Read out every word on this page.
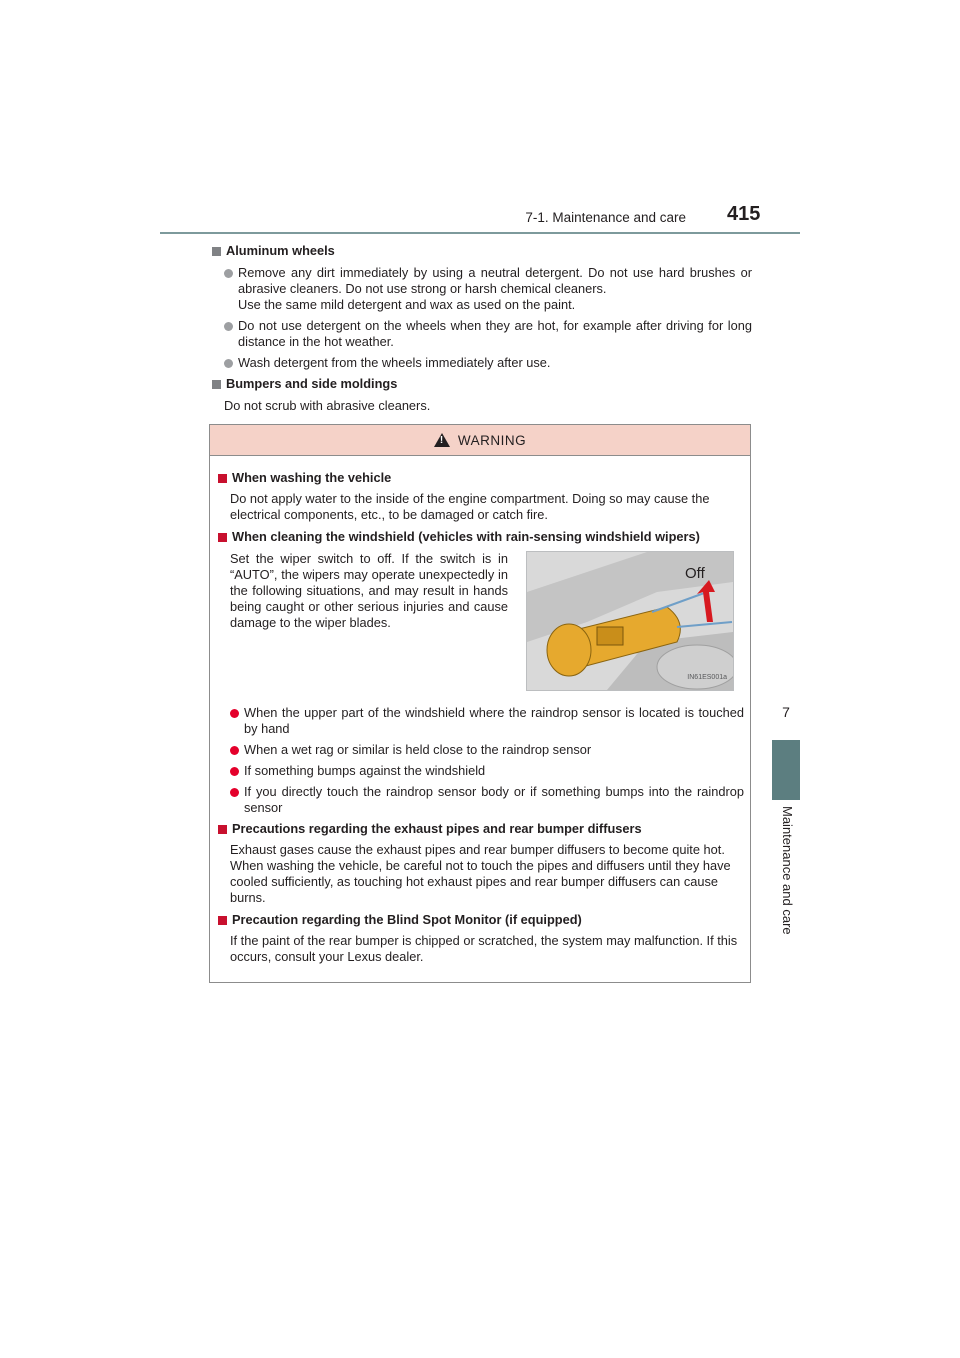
7-1. Maintenance and care 415
7
Maintenance and care
Aluminum wheels
Remove any dirt immediately by using a neutral detergent. Do not use hard brushes or abrasive cleaners. Do not use strong or harsh chemical cleaners.
Use the same mild detergent and wax as used on the paint.
Do not use detergent on the wheels when they are hot, for example after driving for long distance in the hot weather.
Wash detergent from the wheels immediately after use.
Bumpers and side moldings
Do not scrub with abrasive cleaners.
! WARNING
When washing the vehicle
Do not apply water to the inside of the engine compartment. Doing so may cause the electrical components, etc., to be damaged or catch fire.
When cleaning the windshield (vehicles with rain-sensing windshield wipers)
Set the wiper switch to off. If the switch is in “AUTO”, the wipers may operate unexpectedly in the following situations, and may result in hands being caught or other serious injuries and cause damage to the wiper blades.
Off
IN61ES001a
When the upper part of the windshield where the raindrop sensor is located is touched by hand
When a wet rag or similar is held close to the raindrop sensor
If something bumps against the windshield
If you directly touch the raindrop sensor body or if something bumps into the raindrop sensor
Precautions regarding the exhaust pipes and rear bumper diffusers
Exhaust gases cause the exhaust pipes and rear bumper diffusers to become quite hot. When washing the vehicle, be careful not to touch the pipes and diffusers until they have cooled sufficiently, as touching hot exhaust pipes and rear bumper diffusers can cause burns.
Precaution regarding the Blind Spot Monitor (if equipped)
If the paint of the rear bumper is chipped or scratched, the system may malfunction. If this occurs, consult your Lexus dealer.
